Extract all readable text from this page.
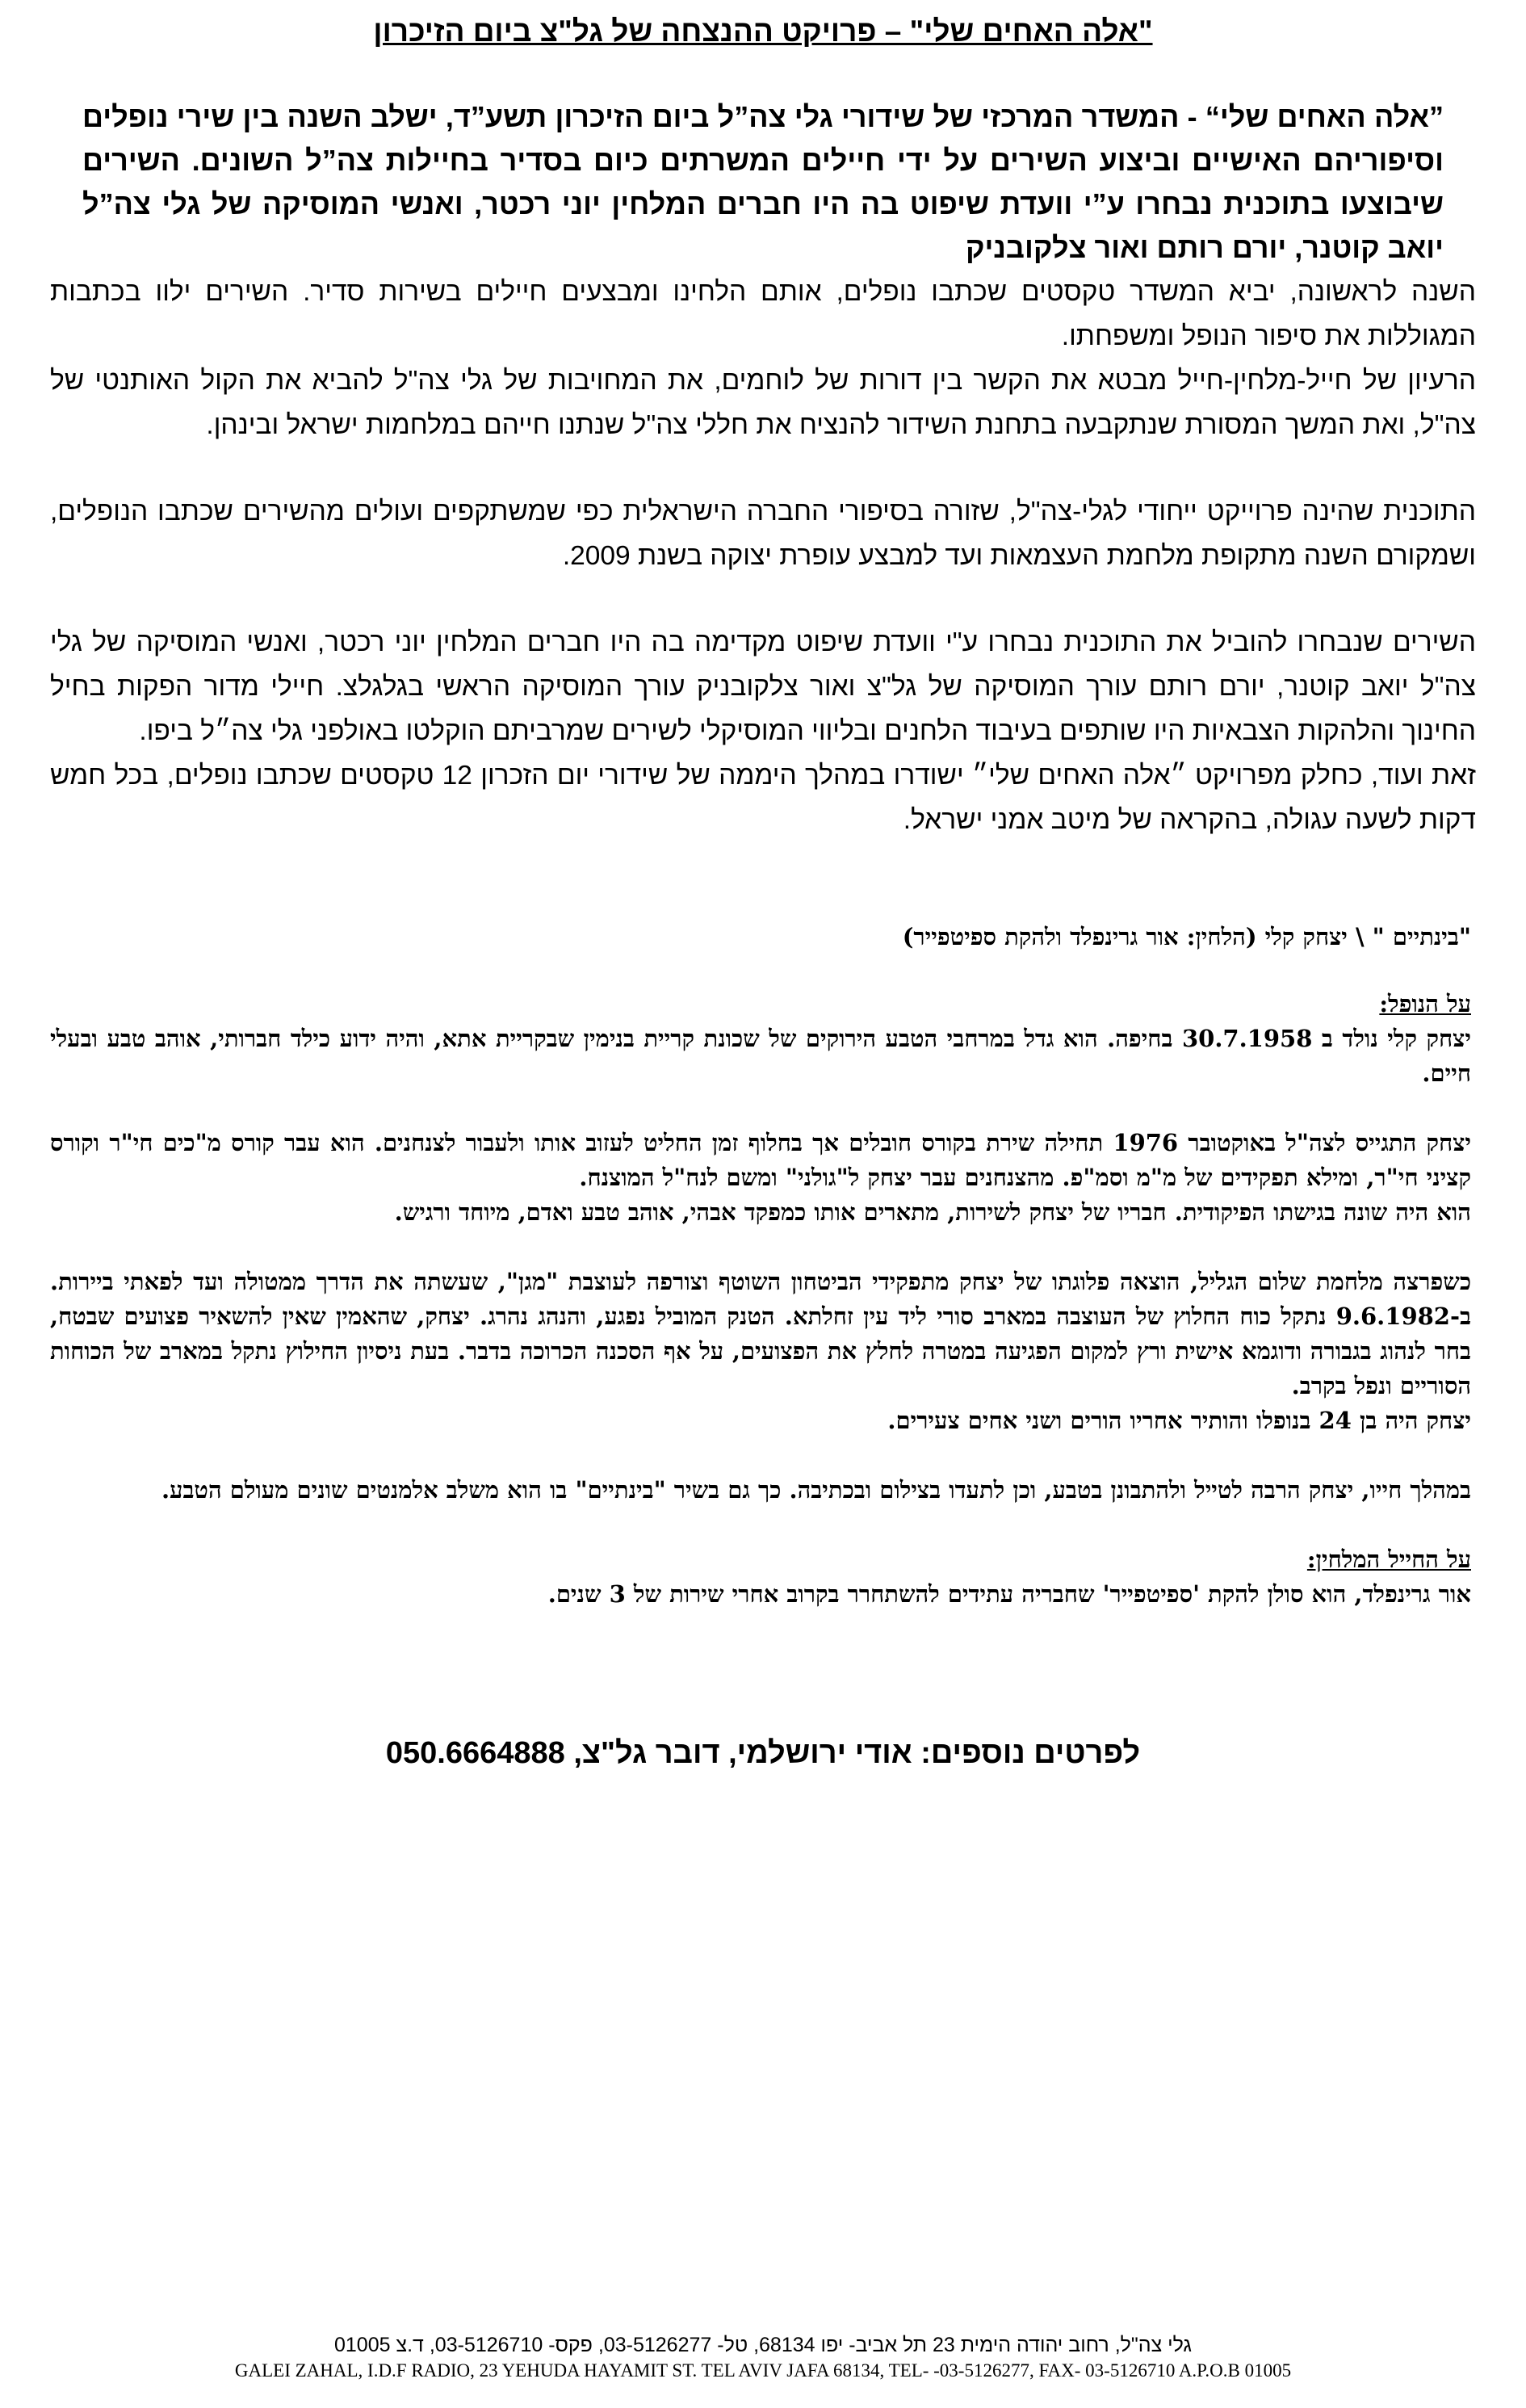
"אלה האחים שלי" – פרויקט ההנצחה של גל"צ ביום הזיכרון

”אלה האחים שלי“ - המשדר המרכזי של שידורי גלי צה”ל ביום הזיכרון תשע”ד, ישלב השנה בין שירי נופלים וסיפוריהם האישיים וביצוע השירים על ידי חיילים המשרתים כיום בסדיר בחיילות צה”ל השונים. השירים שיבוצעו בתוכנית נבחרו ע”י וועדת שיפוט בה היו חברים המלחין יוני רכטר, ואנשי המוסיקה של גלי צה”ל יואב קוטנר, יורם רותם ואור צלקובניק

השנה לראשונה, יביא המשדר טקסטים שכתבו נופלים, אותם הלחינו ומבצעים חיילים בשירות סדיר. השירים ילוו בכתבות המגוללות את סיפור הנופל ומשפחתו.

הרעיון של חייל-מלחין-חייל מבטא את הקשר בין דורות של לוחמים, את המחויבות של גלי צה"ל להביא את הקול האותנטי של צה"ל, ואת המשך המסורת שנתקבעה בתחנת השידור להנציח את חללי צה"ל שנתנו חייהם במלחמות ישראל ובינהן.

התוכנית שהינה פרוייקט ייחודי לגלי-צה"ל, שזורה בסיפורי החברה הישראלית כפי שמשתקפים ועולים מהשירים שכתבו הנופלים, ושמקורם השנה מתקופת מלחמת העצמאות ועד למבצע עופרת יצוקה בשנת 2009.

השירים שנבחרו להוביל את התוכנית נבחרו ע"י וועדת שיפוט מקדימה בה היו חברים המלחין יוני רכטר, ואנשי המוסיקה של גלי צה"ל יואב קוטנר, יורם רותם עורך המוסיקה של גל"צ ואור צלקובניק עורך המוסיקה הראשי בגלגלצ. חיילי מדור הפקות בחיל החינוך והלהקות הצבאיות היו שותפים בעיבוד הלחנים ובליווי המוסיקלי לשירים שמרביתם הוקלטו באולפני גלי צה״ל ביפו.

זאת ועוד, כחלק מפרויקט ״אלה האחים שלי״ ישודרו במהלך היממה של שידורי יום הזכרון 12 טקסטים שכתבו נופלים, בכל חמש דקות לשעה עגולה, בהקראה של מיטב אמני ישראל.

"בינתיים " \ יצחק קלי (הלחין: אור גרינפלד ולהקת ספיטפייר)

על הנופל:

יצחק קלי נולד ב 30.7.1958 בחיפה. הוא גדל במרחבי הטבע הירוקים של שכונת קריית בנימין שבקריית אתא, והיה ידוע כילד חברותי, אוהב טבע ובעלי חיים.

יצחק התגייס לצה"ל באוקטובר 1976 תחילה שירת בקורס חובלים אך בחלוף זמן החליט לעזוב אותו ולעבור לצנחנים. הוא עבר קורס מ"כים חי"ר וקורס קציני חי"ר, ומילא תפקידים של מ"מ וסמ"פ. מהצנחנים עבר יצחק ל"גולני" ומשם לנח"ל המוצנח.
הוא היה שונה בגישתו הפיקודית. חבריו של יצחק לשירות, מתארים אותו כמפקד אבהי, אוהב טבע ואדם, מיוחד ורגיש.

כשפרצה מלחמת שלום הגליל, הוצאה פלוגתו של יצחק מתפקידי הביטחון השוטף וצורפה לעוצבת "מגן", שעשתה את הדרך ממטולה ועד לפאתי ביירות. ב-9.6.1982 נתקל כוח החלוץ של העוצבה במארב סורי ליד עין זחלתא. הטנק המוביל נפגע, והנהג נהרג. יצחק, שהאמין שאין להשאיר פצועים שבטח, בחר לנהוג בגבורה ודוגמא אישית ורץ למקום הפגיעה במטרה לחלץ את הפצועים, על אף הסכנה הכרוכה בדבר. בעת ניסיון החילוץ נתקל במארב של הכוחות הסוריים ונפל בקרב.
יצחק היה בן 24 בנופלו והותיר אחריו הורים ושני אחים צעירים.

במהלך חייו, יצחק הרבה לטייל ולהתבונן בטבע, וכן לתעדו בצילום ובכתיבה. כך גם בשיר "בינתיים" בו הוא משלב אלמנטים שונים מעולם הטבע.

על החייל המלחין:

אור גרינפלד, הוא סולן להקת 'ספיטפייר' שחבריה עתידים להשתחרר בקרוב אחרי שירות של 3 שנים.

לפרטים נוספים: אודי ירושלמי, דובר גל"צ, 050.6664888

גלי צה"ל, רחוב יהודה הימית 23 תל אביב- יפו 68134, טל- 03-5126277, פקס- 03-5126710, ד.צ 01005
GALEI ZAHAL, I.D.F RADIO, 23 YEHUDA HAYAMIT ST. TEL AVIV JAFA 68134, TEL- -03-5126277, FAX- 03-5126710 A.P.O.B 01005
